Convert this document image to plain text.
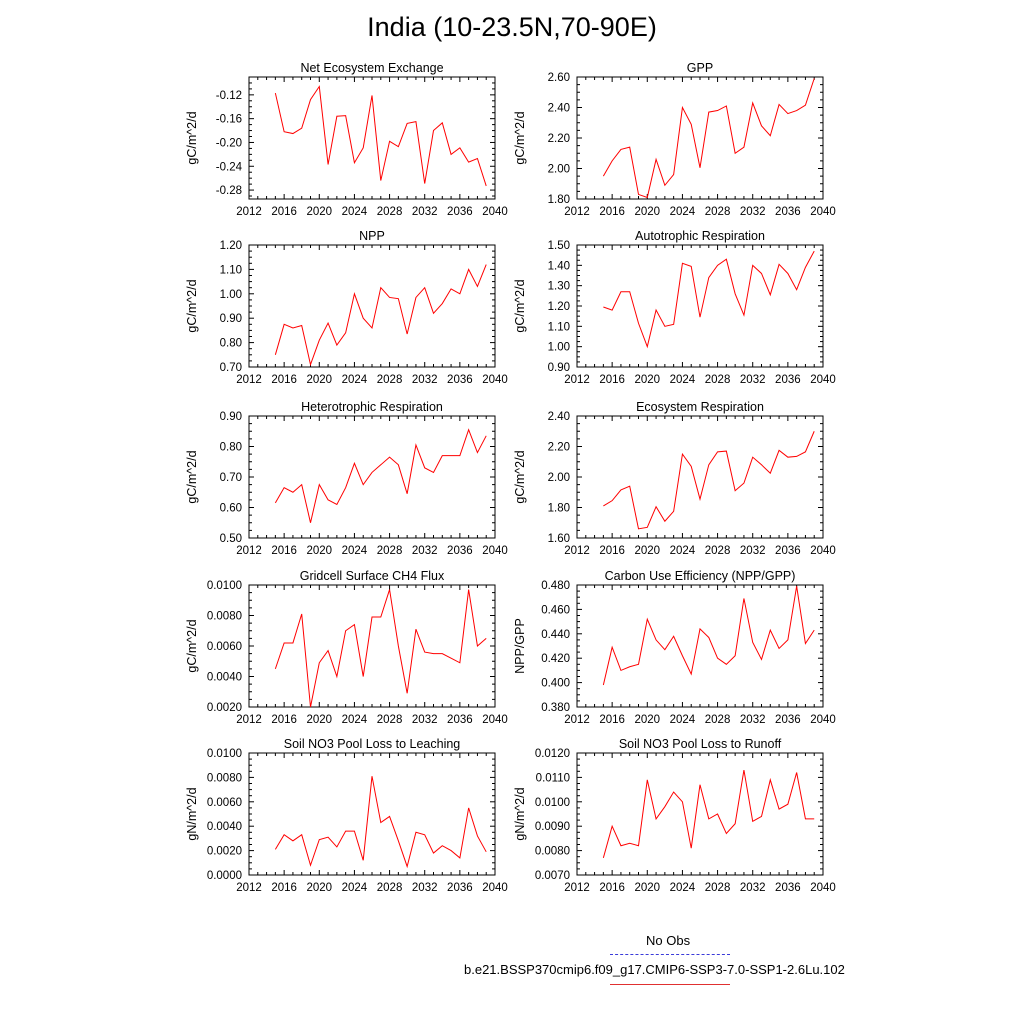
India (10-23.5N,70-90E)
Net Ecosystem Exchange
gC/m^2/d
2012 2016 2020 2024 2028 2032 2036 2040
-0.28
-0.24
-0.20
-0.16
-0.12
GPP
gC/m^2/d
2012 2016 2020 2024 2028 2032 2036 2040
1.80
2.00
2.20
2.40
2.60
NPP
gC/m^2/d
2012 2016 2020 2024 2028 2032 2036 2040
0.70
0.80
0.90
1.00
1.10
1.20
Autotrophic Respiration
gC/m^2/d
2012 2016 2020 2024 2028 2032 2036 2040
0.90
1.00
1.10
1.20
1.30
1.40
1.50
Heterotrophic Respiration
gC/m^2/d
2012 2016 2020 2024 2028 2032 2036 2040
0.50
0.60
0.70
0.80
0.90
Ecosystem Respiration
gC/m^2/d
2012 2016 2020 2024 2028 2032 2036 2040
1.60
1.80
2.00
2.20
2.40
Gridcell Surface CH4 Flux
gC/m^2/d
2012 2016 2020 2024 2028 2032 2036 2040
0.0020
0.0040
0.0060
0.0080
0.0100
Carbon Use Efficiency (NPP/GPP)
NPP/GPP
2012 2016 2020 2024 2028 2032 2036 2040
0.380
0.400
0.420
0.440
0.460
0.480
Soil NO3 Pool Loss to Leaching
gN/m^2/d
2012 2016 2020 2024 2028 2032 2036 2040
0.0000
0.0020
0.0040
0.0060
0.0080
0.0100
Soil NO3 Pool Loss to Runoff
gN/m^2/d
2012 2016 2020 2024 2028 2032 2036 2040
0.0070
0.0080
0.0090
0.0100
0.0110
0.0120
No Obs
b.e21.BSSP370cmip6.f09_g17.CMIP6-SSP3-7.0-SSP1-2.6Lu.102
